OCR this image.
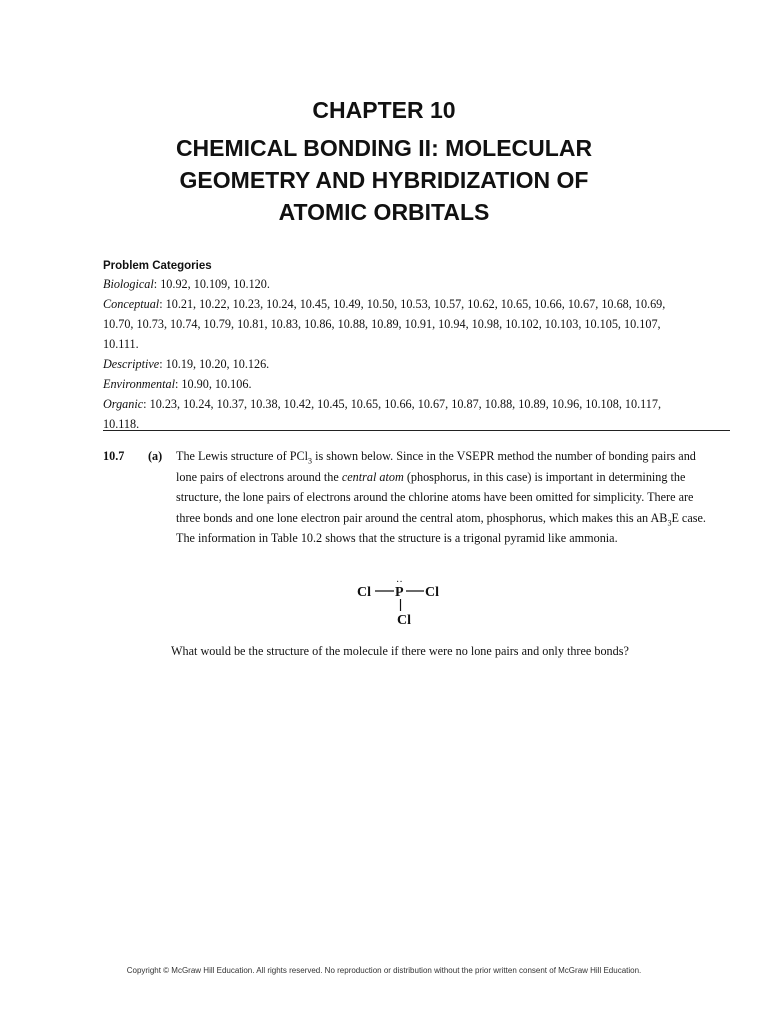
CHAPTER 10
CHEMICAL BONDING II: MOLECULAR
GEOMETRY AND HYBRIDIZATION OF
ATOMIC ORBITALS
Problem Categories
Biological: 10.92, 10.109, 10.120.
Conceptual: 10.21, 10.22, 10.23, 10.24, 10.45, 10.49, 10.50, 10.53, 10.57, 10.62, 10.65, 10.66, 10.67, 10.68, 10.69, 10.70, 10.73, 10.74, 10.79, 10.81, 10.83, 10.86, 10.88, 10.89, 10.91, 10.94, 10.98, 10.102, 10.103, 10.105, 10.107, 10.111.
Descriptive: 10.19, 10.20, 10.126.
Environmental: 10.90, 10.106.
Organic: 10.23, 10.24, 10.37, 10.38, 10.42, 10.45, 10.65, 10.66, 10.67, 10.87, 10.88, 10.89, 10.96, 10.108, 10.117, 10.118.
10.7 (a) The Lewis structure of PCl$_3$ is shown below. Since in the VSEPR method the number of bonding pairs and lone pairs of electrons around the central atom (phosphorus, in this case) is important in determining the structure, the lone pairs of electrons around the chlorine atoms have been omitted for simplicity. There are three bonds and one lone electron pair around the central atom, phosphorus, which makes this an $AB_3E$ case. The information in Table 10.2 shows that the structure is a trigonal pyramid like ammonia.
Cl P Cl
Cl
··
What would be the structure of the molecule if there were no lone pairs and only three bonds?
Copyright © McGraw Hill Education. All rights reserved. No reproduction or distribution without the prior written consent of McGraw Hill Education.
